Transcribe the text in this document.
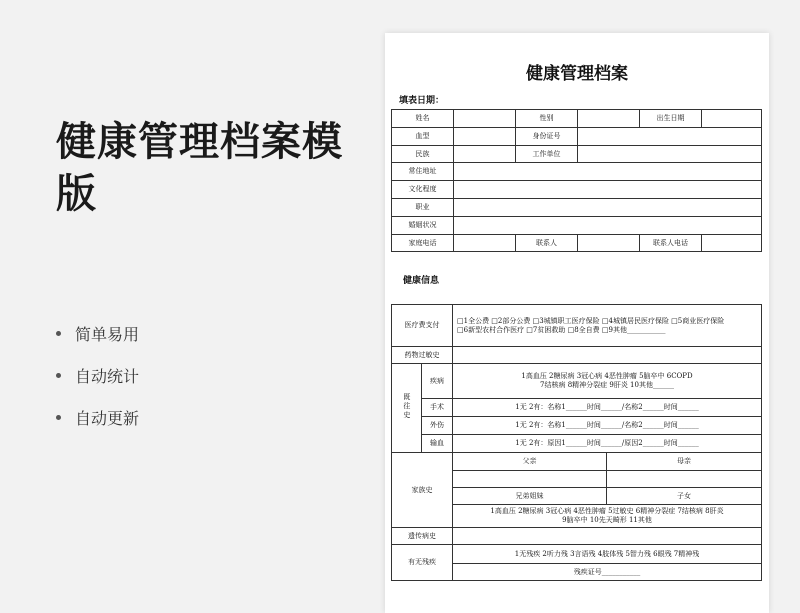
健康管理档案模版
简单易用
自动统计
自动更新
健康管理档案
填表日期：
姓名		性别		出生日期	
血型		身份证号			
民族		工作单位			
常住地址					
文化程度					
职业					
婚姻状况					
家庭电话		联系人		联系人电话	
健康信息
医疗费支付		□1全公费 □2部分公费 □3城镇职工医疗保险 □4城镇居民医疗保险 □5商业医疗保险
□6新型农村合作医疗 □7贫困救助 □8全自费 □9其他___________	

药物过敏史			
既往史	疾病	1高血压 2糖尿病 3冠心病 4恶性肿瘤 5脑卒中 6COPD
7结核病 8精神分裂症 9肝炎 10其他______	

	手术	1无 2有：名称1______时间______/名称2______时间______	
	外伤	1无 2有：名称1______时间______/名称2______时间______	
	输血	1无 2有：原因1______时间______/原因2______时间______	
家族史		父亲	母亲

		兄弟姐妹	子女

		1高血压 2糖尿病 3冠心病 4恶性肿瘤 5过敏史 6精神分裂症 7结核病 8肝炎
9脑卒中 10先天畸形 11其他	

遗传病史			
有无残疾		1无残疾 2听力残 3言语残 4肢体残 5智力残 6眼残 7精神残	
		残疾证号___________	
